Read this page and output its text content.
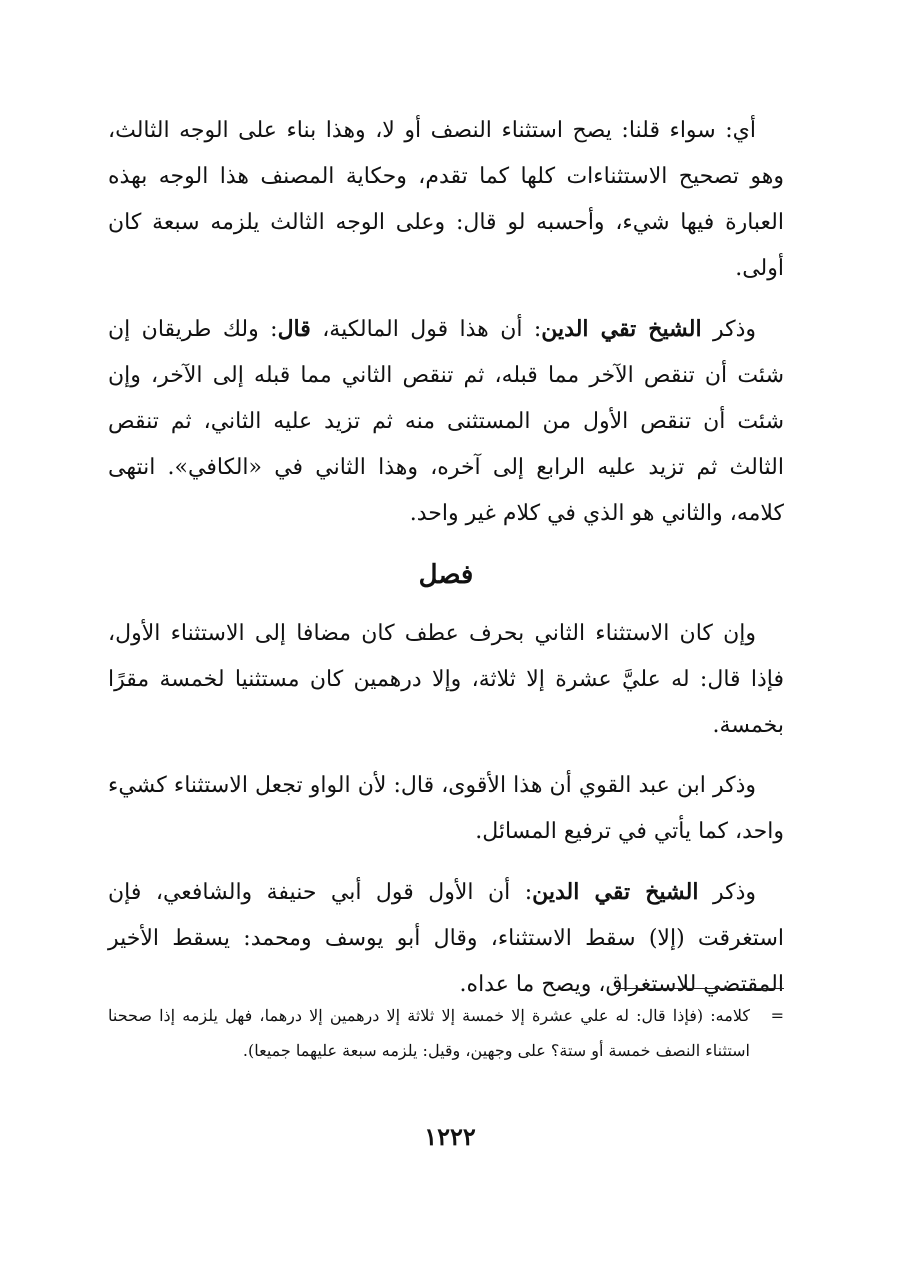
أي: سواء قلنا: يصح استثناء النصف أو لا، وهذا بناء على الوجه الثالث، وهو تصحيح الاستثناءات كلها كما تقدم، وحكاية المصنف هذا الوجه بهذه العبارة فيها شيء، وأحسبه لو قال: وعلى الوجه الثالث يلزمه سبعة كان أولى.

وذكر الشيخ تقي الدين: أن هذا قول المالكية، قال: ولك طريقان إن شئت أن تنقص الآخر مما قبله، ثم تنقص الثاني مما قبله إلى الآخر، وإن شئت أن تنقص الأول من المستثنى منه ثم تزيد عليه الثاني، ثم تنقص الثالث ثم تزيد عليه الرابع إلى آخره، وهذا الثاني في «الكافي». انتهى كلامه، والثاني هو الذي في كلام غير واحد.

فصل

وإن كان الاستثناء الثاني بحرف عطف كان مضافا إلى الاستثناء الأول، فإذا قال: له عليَّ عشرة إلا ثلاثة، وإلا درهمين كان مستثنيا لخمسة مقرًا بخمسة.

وذكر ابن عبد القوي أن هذا الأقوى، قال: لأن الواو تجعل الاستثناء كشيء واحد، كما يأتي في ترفيع المسائل.

وذكر الشيخ تقي الدين: أن الأول قول أبي حنيفة والشافعي، فإن استغرقت (إلا) سقط الاستثناء، وقال أبو يوسف ومحمد: يسقط الأخير المقتضي للاستغراق، ويصح ما عداه.

=
كلامه: (فإذا قال: له علي عشرة إلا خمسة إلا ثلاثة إلا درهمين إلا درهما، فهل يلزمه إذا صححنا استثناء النصف خمسة أو ستة؟ على وجهين، وقيل: يلزمه سبعة عليهما جميعا).
١٢٢٢
